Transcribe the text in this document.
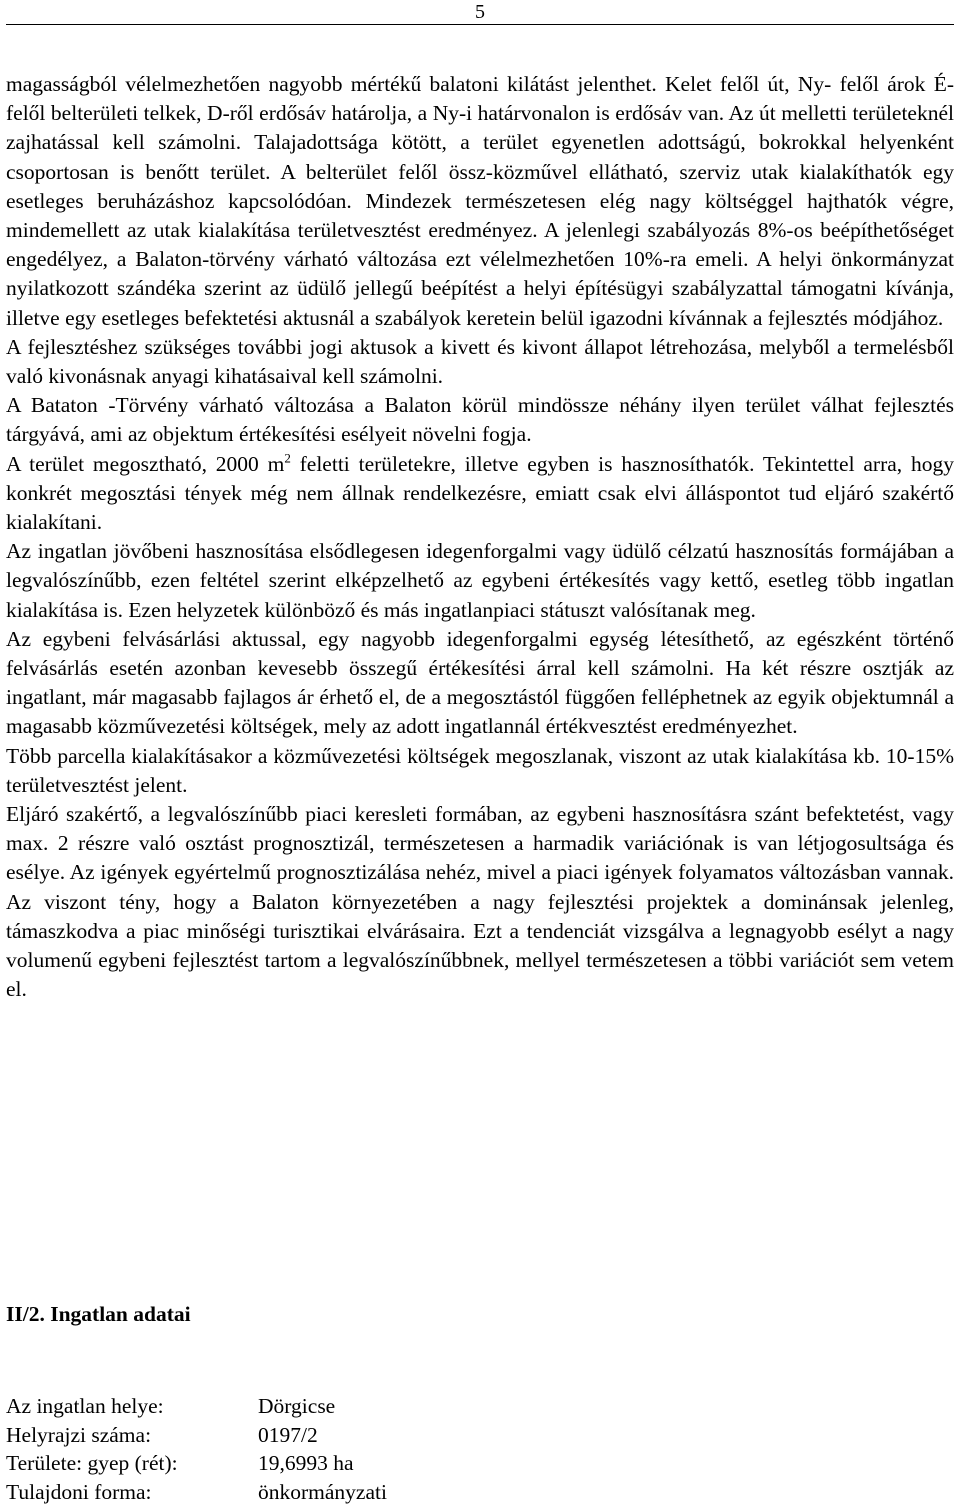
5

magasságból vélelmezhetően nagyobb mértékű balatoni kilátást jelenthet. Kelet felől út, Ny- felől árok É- felől belterületi telkek, D-ről erdősáv határolja, a Ny-i határvonalon is erdősáv van. Az út melletti területeknél zajhatással kell számolni. Talajadottsága kötött, a terület egyenetlen adottságú, bokrokkal helyenként csoportosan is benőtt terület. A belterület felől össz-közművel ellátható, szerviz utak kialakíthatók egy esetleges beruházáshoz kapcsolódóan. Mindezek természetesen elég nagy költséggel hajthatók végre, mindemellett az utak kialakítása területvesztést eredményez. A jelenlegi szabályozás 8%-os beépíthetőséget engedélyez, a Balaton-törvény várható változása ezt vélelmezhetően 10%-ra emeli. A helyi önkormányzat nyilatkozott szándéka szerint az üdülő jellegű beépítést a helyi építésügyi szabályzattal támogatni kívánja, illetve egy esetleges befektetési aktusnál a szabályok keretein belül igazodni kívánnak a fejlesztés módjához.

A fejlesztéshez szükséges további jogi aktusok a kivett és kivont állapot létrehozása, melyből a termelésből való kivonásnak anyagi kihatásaival kell számolni.

A Bataton -Törvény várható változása a Balaton körül mindössze néhány ilyen terület válhat fejlesztés tárgyává, ami az objektum értékesítési esélyeit növelni fogja.

A terület megosztható, 2000 $m^2$ feletti területekre, illetve egyben is hasznosíthatók. Tekintettel arra, hogy konkrét megosztási tények még nem állnak rendelkezésre, emiatt csak elvi álláspontot tud eljáró szakértő kialakítani.

Az ingatlan jövőbeni hasznosítása elsődlegesen idegenforgalmi vagy üdülő célzatú hasznosítás formájában a legvalószínűbb, ezen feltétel szerint elképzelhető az egybeni értékesítés vagy kettő, esetleg több ingatlan kialakítása is. Ezen helyzetek különböző és más ingatlanpiaci státuszt valósítanak meg.

Az egybeni felvásárlási aktussal, egy nagyobb idegenforgalmi egység létesíthető, az egészként történő felvásárlás esetén azonban kevesebb összegű értékesítési árral kell számolni. Ha két részre osztják az ingatlant, már magasabb fajlagos ár érhető el, de a megosztástól függően felléphetnek az egyik objektumnál a magasabb közművezetési költségek, mely az adott ingatlannál értékvesztést eredményezhet.

Több parcella kialakításakor a közművezetési költségek megoszlanak, viszont az utak kialakítása kb. 10-15% területvesztést jelent.

Eljáró szakértő, a legvalószínűbb piaci keresleti formában, az egybeni hasznosításra szánt befektetést, vagy max. 2 részre való osztást prognosztizál, természetesen a harmadik variációnak is van létjogosultsága és esélye. Az igények egyértelmű prognosztizálása nehéz, mivel a piaci igények folyamatos változásban vannak. Az viszont tény, hogy a Balaton környezetében a nagy fejlesztési projektek a dominánsak jelenleg, támaszkodva a piac minőségi turisztikai elvárásaira. Ezt a tendenciát vizsgálva a legnagyobb esélyt a nagy volumenű egybeni fejlesztést tartom a legvalószínűbbnek, mellyel természetesen a többi variációt sem vetem el.

II/2. Ingatlan adatai
Az ingatlan helye:	Dörgicse
Helyrajzi száma:	0197/2
Területe: gyep (rét):	19,6993 ha
Tulajdoni forma:	önkormányzati
